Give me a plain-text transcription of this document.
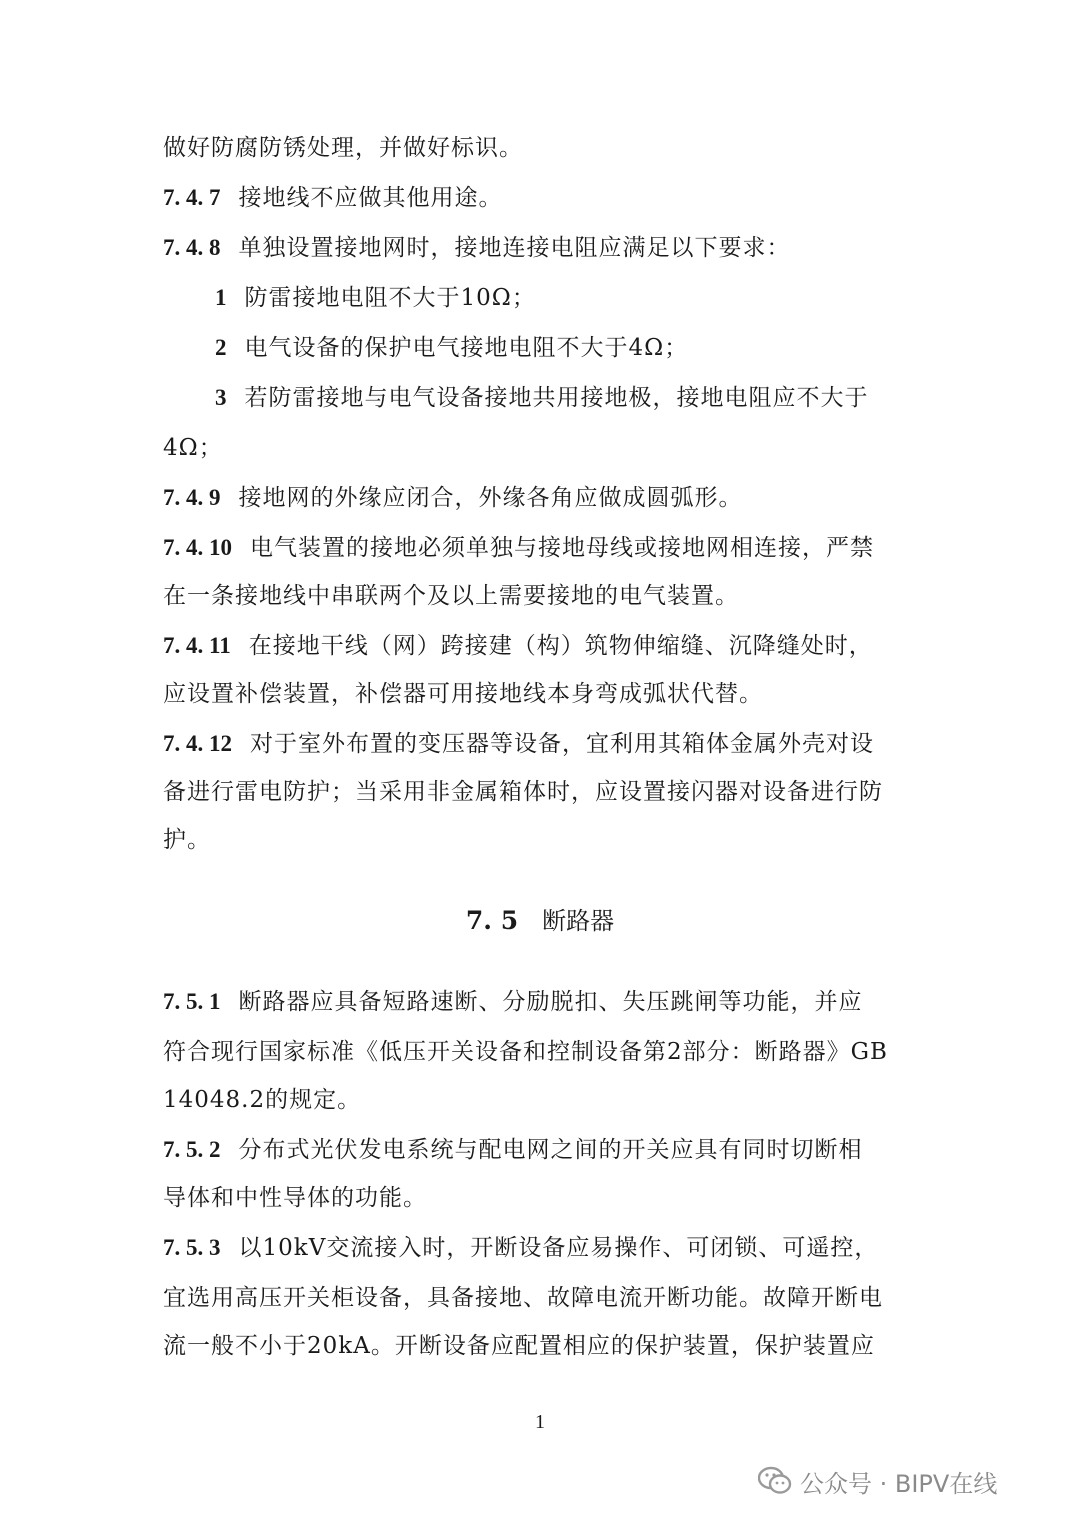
做好防腐防锈处理，并做好标识。
7. 4. 7 接地线不应做其他用途。
7. 4. 8 单独设置接地网时，接地连接电阻应满足以下要求：
1 防雷接地电阻不大于10Ω；
2 电气设备的保护电气接地电阻不大于4Ω；
3 若防雷接地与电气设备接地共用接地极，接地电阻应不大于
4Ω；
7. 4. 9 接地网的外缘应闭合，外缘各角应做成圆弧形。
7. 4. 10 电气装置的接地必须单独与接地母线或接地网相连接，严禁
在一条接地线中串联两个及以上需要接地的电气装置。
7. 4. 11 在接地干线（网）跨接建（构）筑物伸缩缝、沉降缝处时，
应设置补偿装置，补偿器可用接地线本身弯成弧状代替。
7. 4. 12 对于室外布置的变压器等设备，宜利用其箱体金属外壳对设
备进行雷电防护；当采用非金属箱体时，应设置接闪器对设备进行防
护。
7. 5 断路器
7. 5. 1 断路器应具备短路速断、分励脱扣、失压跳闸等功能，并应
符合现行国家标准《低压开关设备和控制设备第2部分：断路器》GB
14048.2的规定。
7. 5. 2 分布式光伏发电系统与配电网之间的开关应具有同时切断相
导体和中性导体的功能。
7. 5. 3 以10kV交流接入时，开断设备应易操作、可闭锁、可遥控，
宜选用高压开关柜设备，具备接地、故障电流开断功能。故障开断电
流一般不小于20kA。开断设备应配置相应的保护装置，保护装置应
1
公众号 · BIPV在线
